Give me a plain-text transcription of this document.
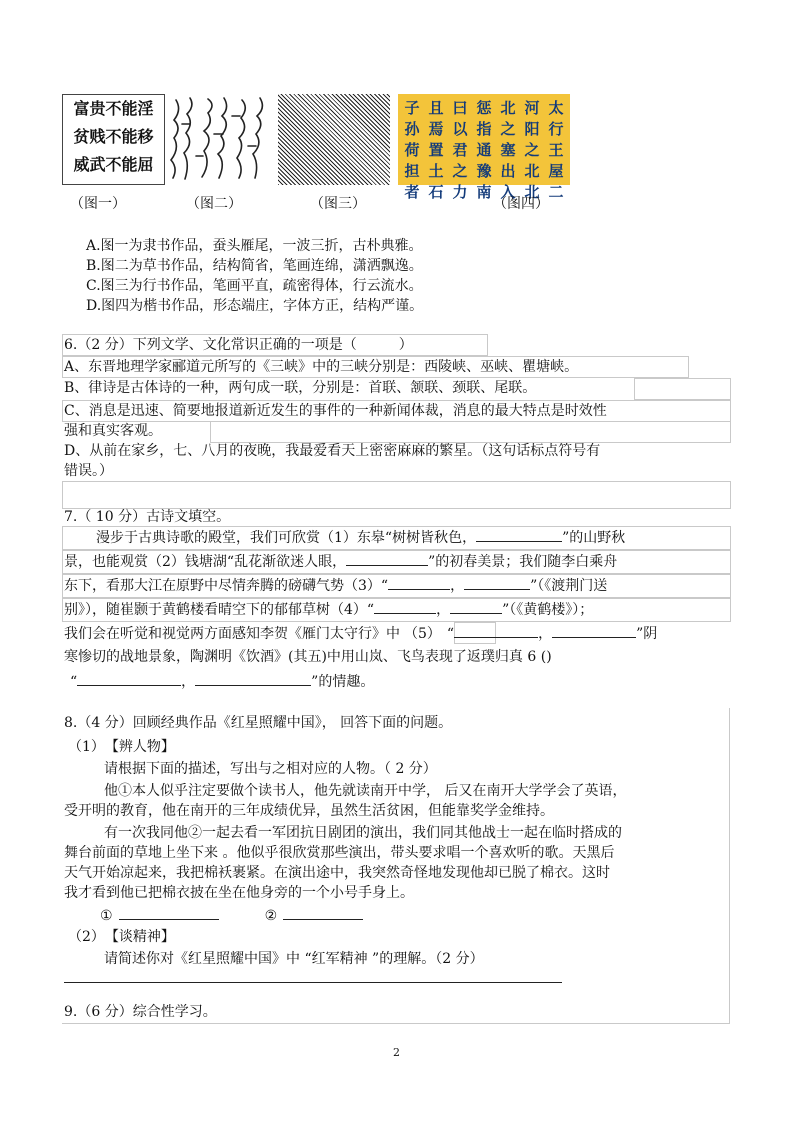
富贵不能淫
贫贱不能移
威武不能屈
太行王屋二
河阳之北北
北之塞出入
惩指通豫南
曰以君之力
且焉置土石
子孙荷担者
（图一）	（图二）	（图三）	（图四）
A.图一为隶书作品，蚕头雁尾，一波三折，古朴典雅。
B.图二为草书作品，结构简省，笔画连绵，潇洒飘逸。
C.图三为行书作品，笔画平直，疏密得体，行云流水。
D.图四为楷书作品，形态端庄，字体方正，结构严谨。
6.（2 分）下列文学、文化常识正确的一项是（　　　）
A、东晋地理学家郦道元所写的《三峡》中的三峡分别是：西陵峡、巫峡、瞿塘峡。
B、律诗是古体诗的一种，两句成一联，分别是：首联、颔联、颈联、尾联。
C、消息是迅速、简要地报道新近发生的事件的一种新闻体裁，消息的最大特点是时效性
强和真实客观。
D、从前在家乡，七、八月的夜晚，我最爱看天上密密麻麻的繁星。（这句话标点符号有
错误。）
7.（ 10 分）古诗文填空。
漫步于古典诗歌的殿堂，我们可欣赏（1）东皋“树树皆秋色，	”的山野秋
景，也能观赏（2）钱塘湖“乱花渐欲迷人眼，	”的初春美景；我们随李白乘舟
东下，看那大江在原野中尽情奔腾的磅礴气势（3）“	，	”（《渡荆门送
别》），随崔颢于黄鹤楼看晴空下的郁郁草树（4）“	，	”（《黄鹤楼》）；
我们会在听觉和视觉两方面感知李贺《雁门太守行》中 （5） “	，	”阴
寒惨切的战地景象，陶渊明《饮酒》(其五)中用山岚、飞鸟表现了返璞归真 6 ()
“	，	”的情趣。
8.（4 分）回顾经典作品《红星照耀中国》， 回答下面的问题。
（1）　【辨人物】
请根据下面的描述，写出与之相对应的人物。（ 2 分）
他①本人似乎注定要做个读书人，他先就读南开中学， 后又在南开大学学会了英语，
受开明的教育，他在南开的三年成绩优异，虽然生活贫困，但能靠奖学金维持。
有一次我同他②一起去看一军团抗日剧团的演出，我们同其他战士一起在临时搭成的
舞台前面的草地上坐下来 。他似乎很欣赏那些演出，带头要求唱一个喜欢听的歌。天黑后
天气开始凉起来，我把棉袄裹紧。在演出途中，我突然奇怪地发现他却已脱了棉衣。这时
我才看到他已把棉衣披在坐在他身旁的一个小号手身上。
①	②
（2）　【谈精神】
请简述你对《红星照耀中国》中 “红军精神 ”的理解。（2 分）
9.（6 分）综合性学习。
2
